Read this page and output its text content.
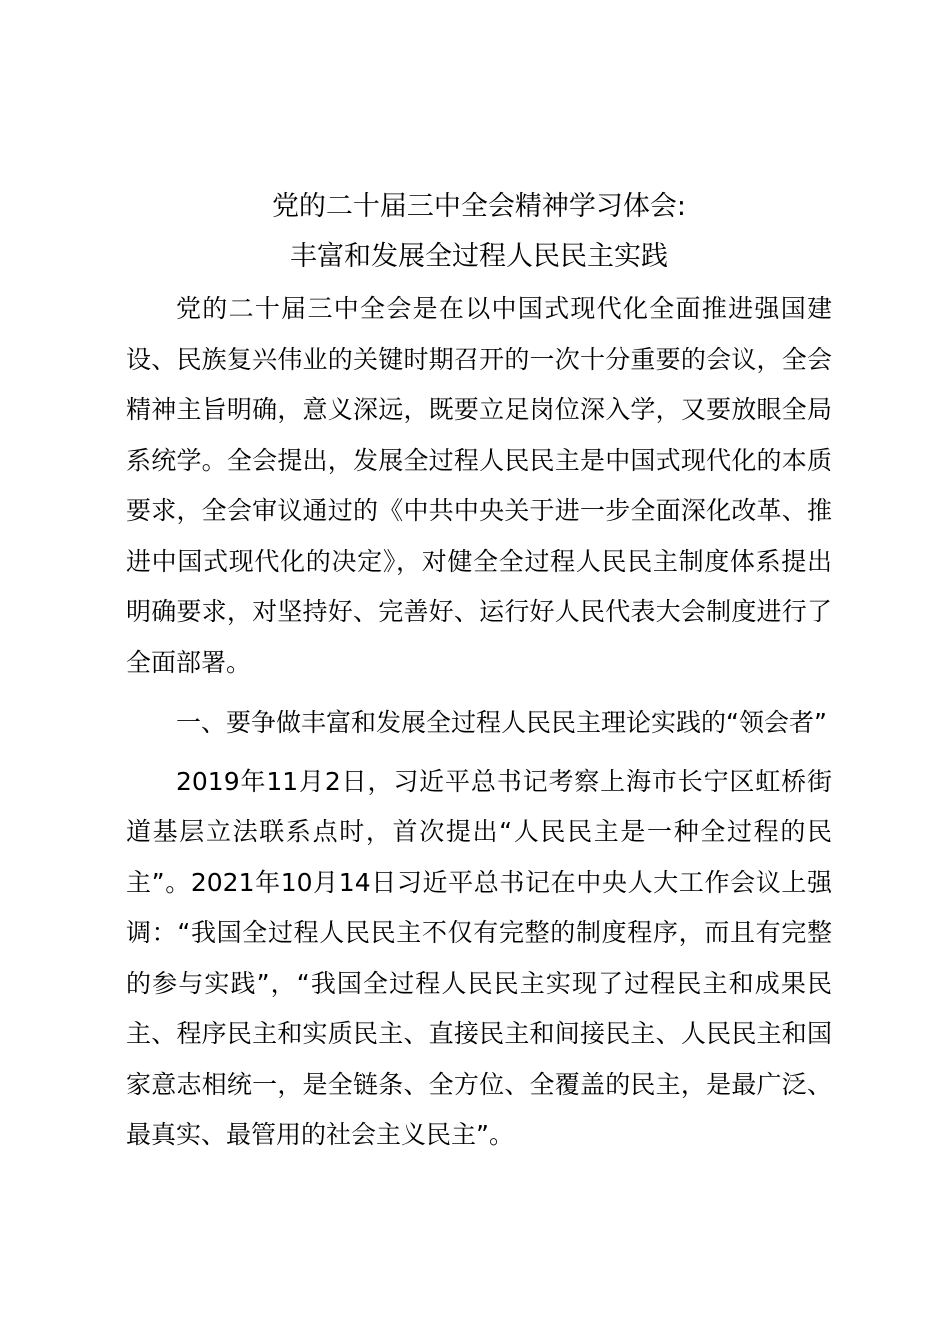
党的二十届三中全会精神学习体会:
丰富和发展全过程人民民主实践

党的二十届三中全会是在以中国式现代化全面推进强国建设、民族复兴伟业的关键时期召开的一次十分重要的会议，全会精神主旨明确，意义深远，既要立足岗位深入学，又要放眼全局系统学。全会提出，发展全过程人民民主是中国式现代化的本质要求，全会审议通过的《中共中央关于进一步全面深化改革、推进中国式现代化的决定》，对健全全过程人民民主制度体系提出明确要求，对坚持好、完善好、运行好人民代表大会制度进行了全面部署。

一、要争做丰富和发展全过程人民民主理论实践的“领会者”

2019年11月2日，习近平总书记考察上海市长宁区虹桥街道基层立法联系点时，首次提出“人民民主是一种全过程的民主”。2021年10月14日习近平总书记在中央人大工作会议上强调：“我国全过程人民民主不仅有完整的制度程序，而且有完整的参与实践”，“我国全过程人民民主实现了过程民主和成果民主、程序民主和实质民主、直接民主和间接民主、人民民主和国家意志相统一，是全链条、全方位、全覆盖的民主，是最广泛、最真实、最管用的社会主义民主”。
